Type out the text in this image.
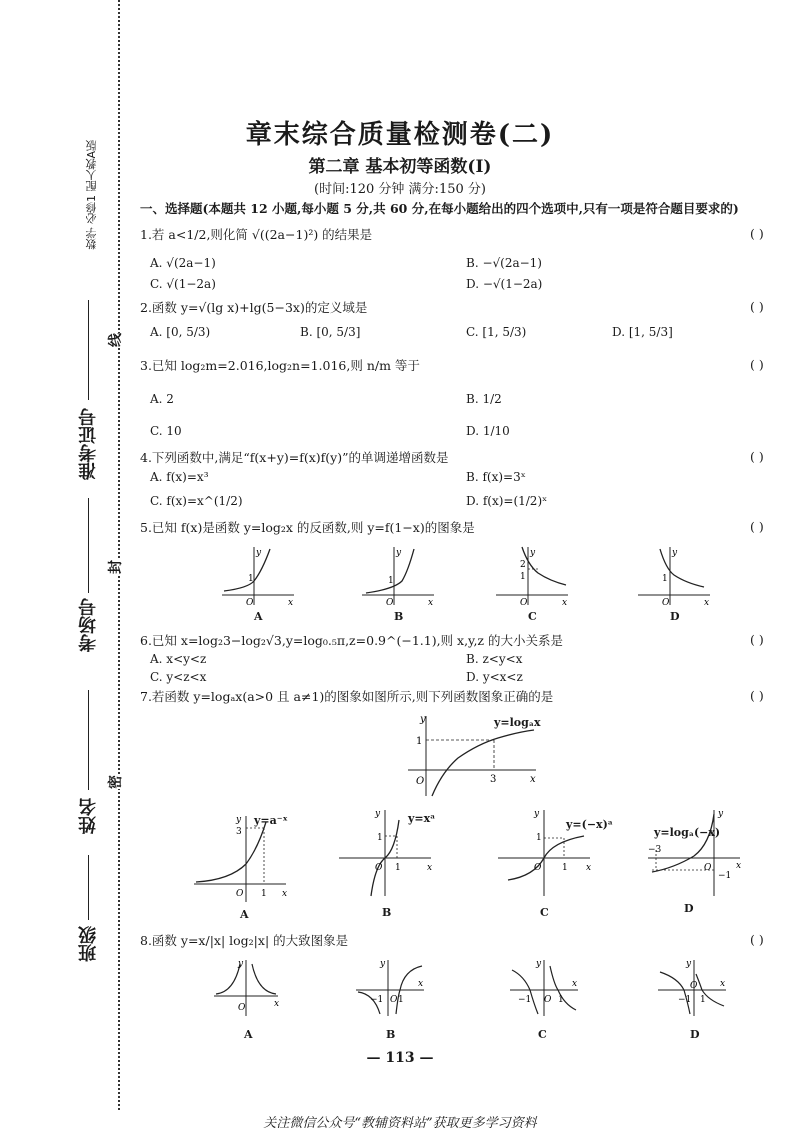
数学 必修1 配人教A版
线
封
密
准考证号
考场号
姓名
班级
章末综合质量检测卷(二)
第二章 基本初等函数(Ⅰ)
(时间:120 分钟 满分:150 分)
一、选择题(本题共 12 小题,每小题 5 分,共 60 分,在每小题给出的四个选项中,只有一项是符合题目要求的)
1.若 a<1/2,则化简 √((2a−1)²) 的结果是	( )
A. √(2a−1)	B. −√(2a−1)
C. √(1−2a)	D. −√(1−2a)
2.函数 y=√(lg x)+lg(5−3x)的定义域是	( )
A. [0, 5/3)	B. [0, 5/3]	C. [1, 5/3)	D. [1, 5/3]
3.已知 log₂m=2.016,log₂n=1.016,则 n/m 等于	( )
A. 2	B. 1/2
C. 10	D. 1/10
4.下列函数中,满足“f(x+y)=f(x)f(y)”的单调递增函数是	( )
A. f(x)=x³	B. f(x)=3ˣ
C. f(x)=x^(1/2)	D. f(x)=(1/2)ˣ
5.已知 f(x)是函数 y=log₂x 的反函数,则 y=f(1−x)的图象是	( )
y
1
O	x
A
y
1
O	x
B
y
2
1
O	x
C
y
1
O	x
D
6.已知 x=log₂3−log₂√3,y=log₀.₅π,z=0.9^(−1.1),则 x,y,z 的大小关系是	( )
A. x<y<z	B. z<y<x
C. y<z<x	D. y<x<z
7.若函数 y=logₐx(a>0 且 a≠1)的图象如图所示,则下列函数图象正确的是	( )
y
1
O	3	x
y=logₐx
y
3
O 1 x
y=a⁻ˣ
A
y
1
O 1	x
y=xᵃ
B
y
1
O 1 x
y=(−x)ᵃ
C
y
−3
O
−1
x
y=logₐ(−x)
D
8.函数 y=x/|x| log₂|x| 的大致图象是	( )
y
O	x
A
y
−1 O 1
x
B
y
−1 O 1
x
C
y
O
−1 1
x
D
— 113 —
关注微信公众号“教辅资料站”获取更多学习资料
